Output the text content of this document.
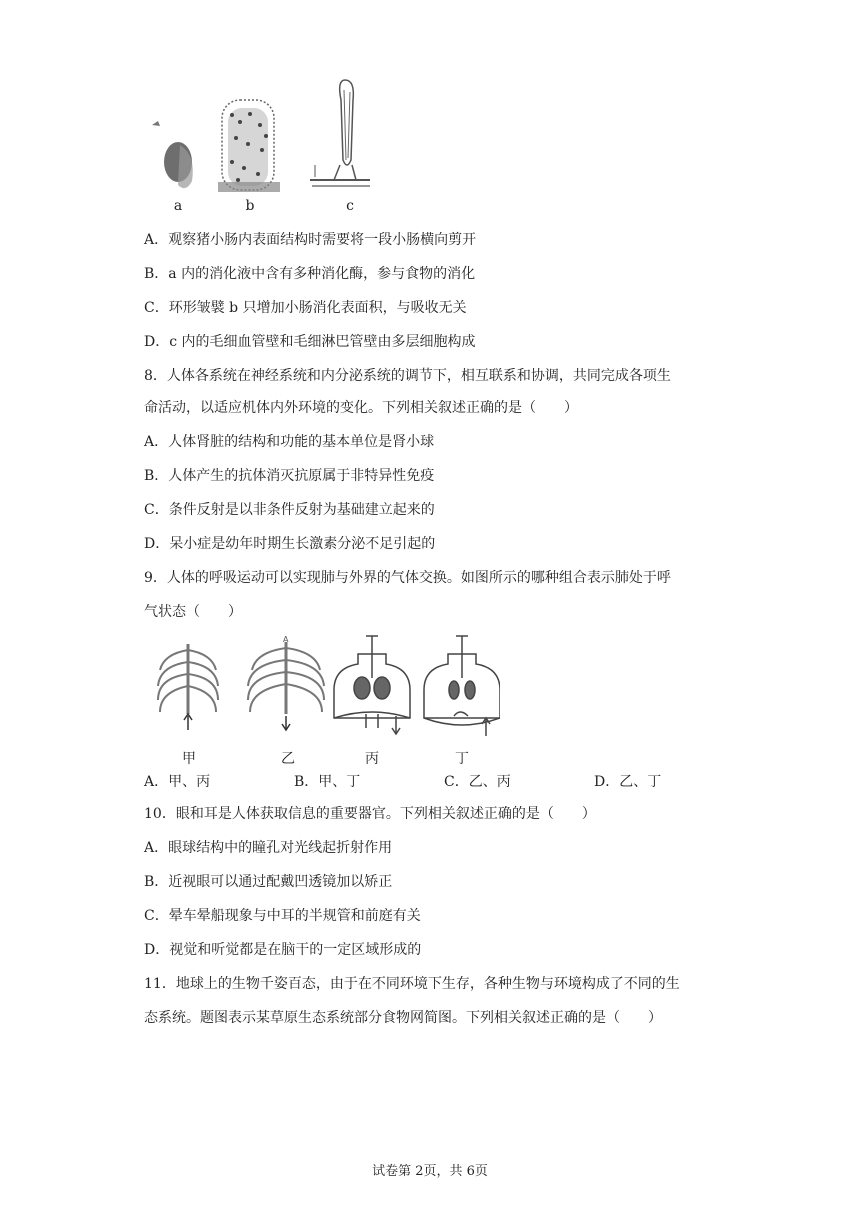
a	b	c
A．观察猪小肠内表面结构时需要将一段小肠横向剪开
B．a 内的消化液中含有多种消化酶，参与食物的消化
C．环形皱襞 b 只增加小肠消化表面积，与吸收无关
D．c 内的毛细血管壁和毛细淋巴管壁由多层细胞构成
8．人体各系统在神经系统和内分泌系统的调节下，相互联系和协调，共同完成各项生
命活动，以适应机体内外环境的变化。下列相关叙述正确的是（　　）
A．人体肾脏的结构和功能的基本单位是肾小球
B．人体产生的抗体消灭抗原属于非特异性免疫
C．条件反射是以非条件反射为基础建立起来的
D．呆小症是幼年时期生长激素分泌不足引起的
9．人体的呼吸运动可以实现肺与外界的气体交换。如图所示的哪种组合表示肺处于呼
气状态（　　）
A
甲	乙	丙	丁
A．甲、丙	B．甲、丁	C．乙、丙	D．乙、丁
10．眼和耳是人体获取信息的重要器官。下列相关叙述正确的是（　　）
A．眼球结构中的瞳孔对光线起折射作用
B．近视眼可以通过配戴凹透镜加以矫正
C．晕车晕船现象与中耳的半规管和前庭有关
D．视觉和听觉都是在脑干的一定区域形成的
11．地球上的生物千姿百态，由于在不同环境下生存，各种生物与环境构成了不同的生
态系统。题图表示某草原生态系统部分食物网简图。下列相关叙述正确的是（　　）
试卷第 2页，共 6页
